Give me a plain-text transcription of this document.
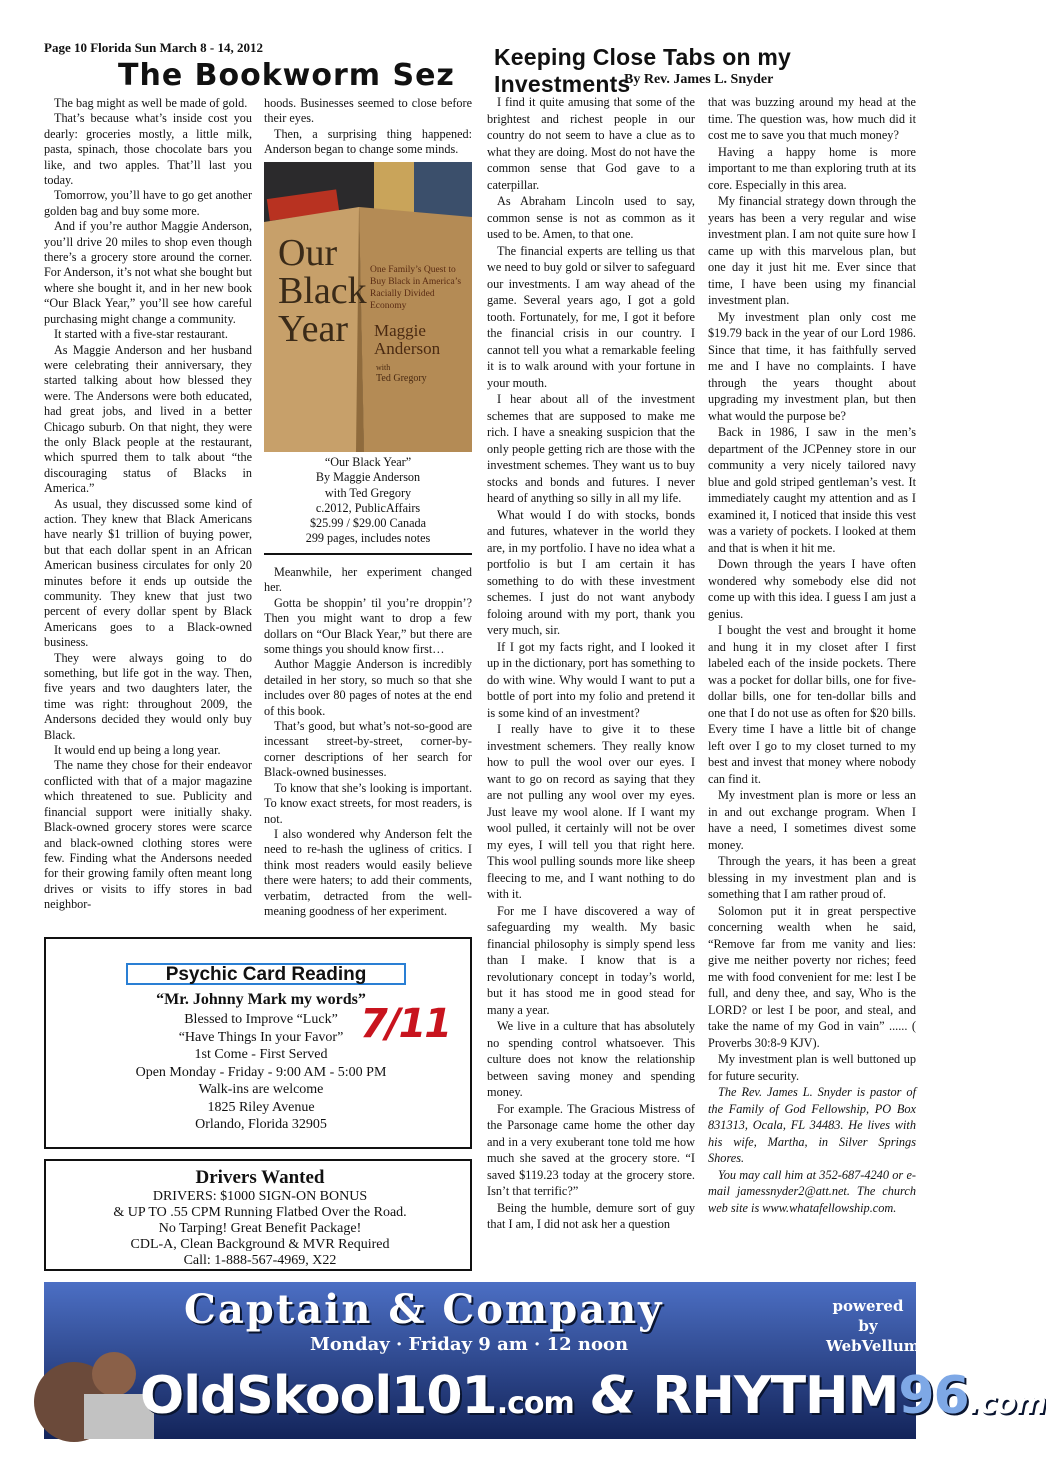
Page 10 Florida Sun March 8 - 14, 2012
The Bookworm Sez
Keeping Close Tabs on my Investments
By Rev. James L. Snyder

The bag might as well be made of gold.

That’s because what’s inside cost you dearly: groceries mostly, a little milk, pasta, spinach, those chocolate bars you like, and two apples. That’ll last you today.

Tomorrow, you’ll have to go get another golden bag and buy some more.

And if you’re author Maggie Anderson, you’ll drive 20 miles to shop even though there’s a grocery store around the corner. For Anderson, it’s not what she bought but where she bought it, and in her new book “Our Black Year,” you’ll see how careful purchasing might change a community.

It started with a five-star restaurant.

As Maggie Anderson and her husband were celebrating their anniversary, they started talking about how blessed they were. The Andersons were both educated, had great jobs, and lived in a better Chicago suburb. On that night, they were the only Black people at the restaurant, which spurred them to talk about “the discouraging status of Blacks in America.”

As usual, they discussed some kind of action. They knew that Black Americans have nearly $1 trillion of buying power, but that each dollar spent in an African American business circulates for only 20 minutes before it ends up outside the community. They knew that just two percent of every dollar spent by Black Americans goes to a Black-owned business.

They were always going to do something, but life got in the way. Then, five years and two daughters later, the time was right: throughout 2009, the Andersons decided they would only buy Black.

It would end up being a long year.

The name they chose for their endeavor conflicted with that of a major magazine which threatened to sue. Publicity and financial support were initially shaky. Black-owned grocery stores were scarce and black-owned clothing stores were few. Finding what the Andersons needed for their growing family often meant long drives or visits to iffy stores in bad neighbor-

hoods. Businesses seemed to close before their eyes.

Then, a surprising thing happened: Anderson began to change some minds.

Our
Black
Year
One Family’s Quest to Buy Black in America’s Racially Divided Economy
Maggie Anderson
with
Ted Gregory
“Our Black Year”
By Maggie Anderson
with Ted Gregory
c.2012, PublicAffairs
$25.99 / $29.00 Canada
299 pages, includes notes

Meanwhile, her experiment changed her.

Gotta be shoppin’ til you’re droppin’? Then you might want to drop a few dollars on “Our Black Year,” but there are some things you should know first…

Author Maggie Anderson is incredibly detailed in her story, so much so that she includes over 80 pages of notes at the end of this book.

That’s good, but what’s not-so-good are incessant street-by-street, corner-by-corner descriptions of her search for Black-owned businesses.

To know that she’s looking is important. To know exact streets, for most readers, is not.

I also wondered why Anderson felt the need to re-hash the ugliness of critics. I think most readers would easily believe there were haters; to add their comments, verbatim, detracted from the well-meaning goodness of her experiment.

I find it quite amusing that some of the brightest and richest people in our country do not seem to have a clue as to what they are doing. Most do not have the common sense that God gave to a caterpillar.

As Abraham Lincoln used to say, common sense is not as common as it used to be. Amen, to that one.

The financial experts are telling us that we need to buy gold or silver to safeguard our investments. I am way ahead of the game. Several years ago, I got a gold tooth. Fortunately, for me, I got it before the financial crisis in our country. I cannot tell you what a remarkable feeling it is to walk around with your fortune in your mouth.

I hear about all of the investment schemes that are supposed to make me rich. I have a sneaking suspicion that the only people getting rich are those with the investment schemes. They want us to buy stocks and bonds and futures. I never heard of anything so silly in all my life.

What would I do with stocks, bonds and futures, whatever in the world they are, in my portfolio. I have no idea what a portfolio is but I am certain it has something to do with these investment schemes. I just do not want anybody foloing around with my port, thank you very much, sir.

If I got my facts right, and I looked it up in the dictionary, port has something to do with wine. Why would I want to put a bottle of port into my folio and pretend it is some kind of an investment?

I really have to give it to these investment schemers. They really know how to pull the wool over our eyes. I want to go on record as saying that they are not pulling any wool over my eyes. Just leave my wool alone. If I want my wool pulled, it certainly will not be over my eyes, I will tell you that right here. This wool pulling sounds more like sheep fleecing to me, and I want nothing to do with it.

For me I have discovered a way of safeguarding my wealth. My basic financial philosophy is simply spend less than I make. I know that is a revolutionary concept in today’s world, but it has stood me in good stead for many a year.

We live in a culture that has absolutely no spending control whatsoever. This culture does not know the relationship between saving money and spending money.

For example. The Gracious Mistress of the Parsonage came home the other day and in a very exuberant tone told me how much she saved at the grocery store. “I saved $119.23 today at the grocery store. Isn’t that terrific?”

Being the humble, demure sort of guy that I am, I did not ask her a question

that was buzzing around my head at the time. The question was, how much did it cost me to save you that much money?

Having a happy home is more important to me than exploring truth at its core. Especially in this area.

My financial strategy down through the years has been a very regular and wise investment plan. I am not quite sure how I came up with this marvelous plan, but one day it just hit me. Ever since that time, I have been using my financial investment plan.

My investment plan only cost me $19.79 back in the year of our Lord 1986. Since that time, it has faithfully served me and I have no complaints. I have through the years thought about upgrading my investment plan, but then what would the purpose be?

Back in 1986, I saw in the men’s department of the JCPenney store in our community a very nicely tailored navy blue and gold striped gentleman’s vest. It immediately caught my attention and as I examined it, I noticed that inside this vest was a variety of pockets. I looked at them and that is when it hit me.

Down through the years I have often wondered why somebody else did not come up with this idea. I guess I am just a genius.

I bought the vest and brought it home and hung it in my closet after I first labeled each of the inside pockets. There was a pocket for dollar bills, one for five-dollar bills, one for ten-dollar bills and one that I do not use as often for $20 bills. Every time I have a little bit of change left over I go to my closet turned to my best and invest that money where nobody can find it.

My investment plan is more or less an in and out exchange program. When I have a need, I sometimes divest some money.

Through the years, it has been a great blessing in my investment plan and is something that I am rather proud of.

Solomon put it in great perspective concerning wealth when he said, “Remove far from me vanity and lies: give me neither poverty nor riches; feed me with food convenient for me: lest I be full, and deny thee, and say, Who is the LORD? or lest I be poor, and steal, and take the name of my God in vain” ...... ( Proverbs 30:8-9 KJV).

My investment plan is well buttoned up for future security.

The Rev. James L. Snyder is pastor of the Family of God Fellowship, PO Box 831313, Ocala, FL 34483. He lives with his wife, Martha, in Silver Springs Shores.

You may call him at 352-687-4240 or e-mail jamessnyder2@att.net. The church web site is www.whatafellowship.com.

Psychic Card Reading
“Mr. Johnny Mark my words”
Blessed to Improve “Luck”
“Have Things In your Favor”
1st Come - First Served
Open Monday - Friday - 9:00 AM - 5:00 PM
Walk-ins are welcome
1825 Riley Avenue
Orlando, Florida 32905
7/11
Drivers Wanted
DRIVERS: $1000 SIGN-ON BONUS
& UP TO .55 CPM Running Flatbed Over the Road.
No Tarping! Great Benefit Package!
CDL-A, Clean Background & MVR Required
Call: 1-888-567-4969, X22
Captain & Company
Monday · Friday 9 am · 12 noon
powered by
WebVellum
OldSkool101.com & RHYTHM96.com
